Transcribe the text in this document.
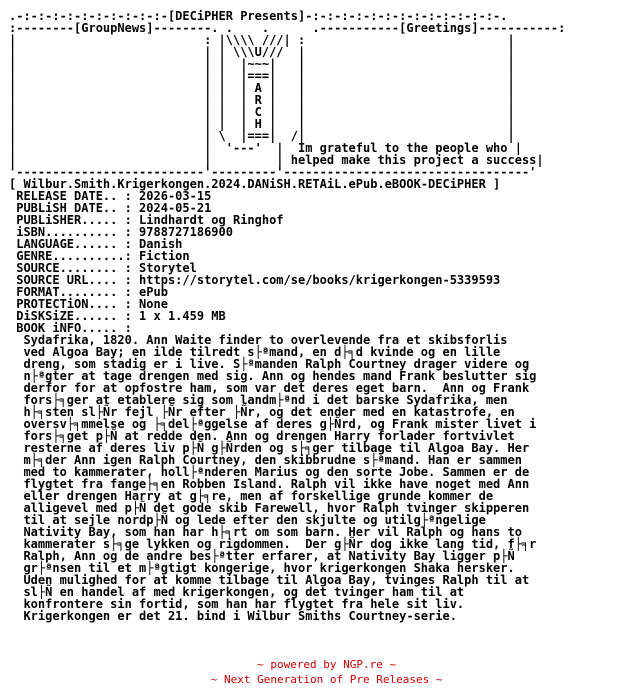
.-:-:-:-:-:-:-:-:-:-:-[DECiPHER Presents]-:-:-:-:-:-:-:-:-:-:-:-:-:-.
:--------[GroupNews]--------. .    .      .-----------[Greetings]-----------:
|                          : |\\\\ ///| :                            |
|                          | | \\\U///  |                            |
|                          | |  |~~~|   |                            |
|                          | |  |===|   |                            |
|                          | |  | A |   |                            |
|                          | |  | R |   |                            |
|                          | |  | C |   |                            |
|                          | |  | H |   |                            |
|                          | \  |===|  /|                            |
|                          |  '---'  |  Im grateful to the people who |
|                          |         | helped make this project a success|
'--------------------------'---------'----------------------------------'
[ Wilbur.Smith.Krigerkongen.2024.DANiSH.RETAiL.ePub.eBOOK-DECiPHER ]
RELEASE DATE.. : 2026-03-15
PUBLiSH DATE.. : 2024-05-21
PUBLiSHER..... : Lindhardt og Ringhof
iSBN.......... : 9788727186900
LANGUAGE...... : Danish
GENRE..........: Fiction
SOURCE........ : Storytel
SOURCE URL.... : https://storytel.com/se/books/krigerkongen-5339593
FORMAT........ : ePub
PROTECTiON.... : None
DiSKSiZE...... : 1 x 1.459 MB
BOOK iNFO..... :
Sydafrika, 1820. Ann Waite finder to overlevende fra et skibsforlis
ved Algoa Bay; en ilde tilredt s├ªmand, en d├╕d kvinde og en lille
dreng, som stadig er i live. S├ªmanden Ralph Courtney drager videre og
n├ªgter at tage drengen med sig. Ann og hendes mand Frank beslutter sig
derfor for at opfostre ham, som var det deres eget barn.  Ann og Frank
fors├╕ger at etablere sig som landm├ªnd i det barske Sydafrika, men
h├╕sten sl├Ñr fejl ├Ñr efter ├Ñr, og det ender med en katastrofe, en
oversv├╕mmelse og ├╕del├ªggelse af deres g├Ñrd, og Frank mister livet i
fors├╕get p├Ñ at redde den. Ann og drengen Harry forlader fortvivlet
resterne af deres liv p├Ñ g├Ñrden og s├╕ger tilbage til Algoa Bay. Her
m├╕der Ann igen Ralph Courtney, den skibbrudne s├ªmand. Han er sammen
med to kammerater, holl├ªnderen Marius og den sorte Jobe. Sammen er de
flygtet fra fange├╕en Robben Island. Ralph vil ikke have noget med Ann
eller drengen Harry at g├╕re, men af forskellige grunde kommer de
alligevel med p├Ñ det gode skib Farewell, hvor Ralph tvinger skipperen
til at sejle nordp├Ñ og lede efter den skjulte og utilg├ªngelige
Nativity Bay, som han har h├╕rt om som barn. Her vil Ralph og hans to
kammerater s├╕ge lykken og rigdommen.  Der g├Ñr dog ikke lang tid, f├╕r
Ralph, Ann og de andre bes├ªtter erfarer, at Nativity Bay ligger p├Ñ
gr├ªnsen til et m├ªgtigt kongerige, hvor krigerkongen Shaka hersker.
Uden mulighed for at komme tilbage til Algoa Bay, tvinges Ralph til at
sl├Ñ en handel af med krigerkongen, og det tvinger ham til at
konfrontere sin fortid, som han har flygtet fra hele sit liv.
Krigerkongen er det 21. bind i Wilbur Smiths Courtney-serie.

~ powered by NGP.re ~

~ Next Generation of Pre Releases ~
